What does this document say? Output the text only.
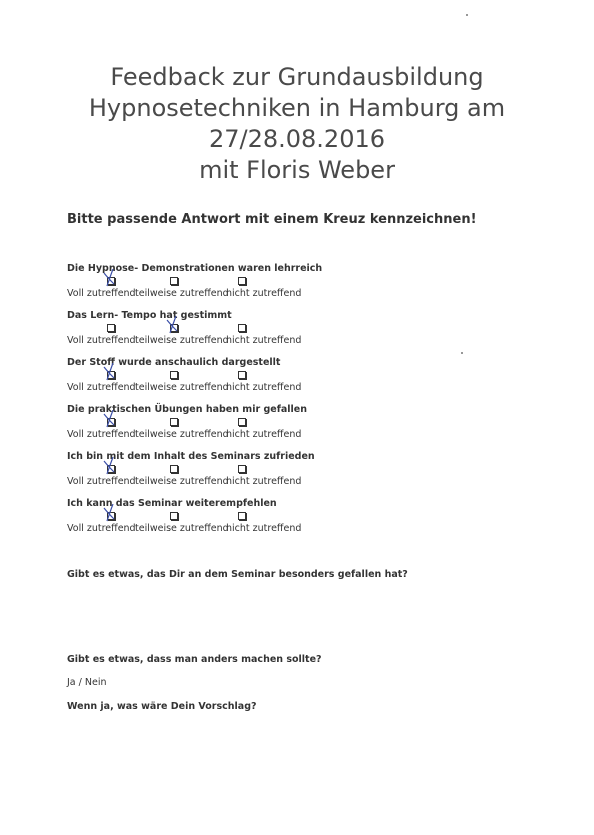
Feedback zur Grundausbildung
Hypnosetechniken in Hamburg am
27/28.08.2016
mit Floris Weber
Bitte passende Antwort mit einem Kreuz kennzeichnen!
Die Hypnose- Demonstrationen waren lehrreich
Voll zutreffend teilweise zutreffend
nicht zutreffend
Das Lern- Tempo hat gestimmt
Voll zutreffend teilweise zutreffend
nicht zutreffend
Der Stoff wurde anschaulich dargestellt
Voll zutreffend teilweise zutreffend
nicht zutreffend
Die praktischen Übungen haben mir gefallen
Voll zutreffend teilweise zutreffend
nicht zutreffend
Ich bin mit dem Inhalt des Seminars zufrieden
Voll zutreffend teilweise zutreffend
nicht zutreffend
Ich kann das Seminar weiterempfehlen
Voll zutreffend teilweise zutreffend
nicht zutreffend
Gibt es etwas, das Dir an dem Seminar besonders gefallen hat?
Gibt es etwas, dass man anders machen sollte?
Ja / Nein
Wenn ja, was wäre Dein Vorschlag?
